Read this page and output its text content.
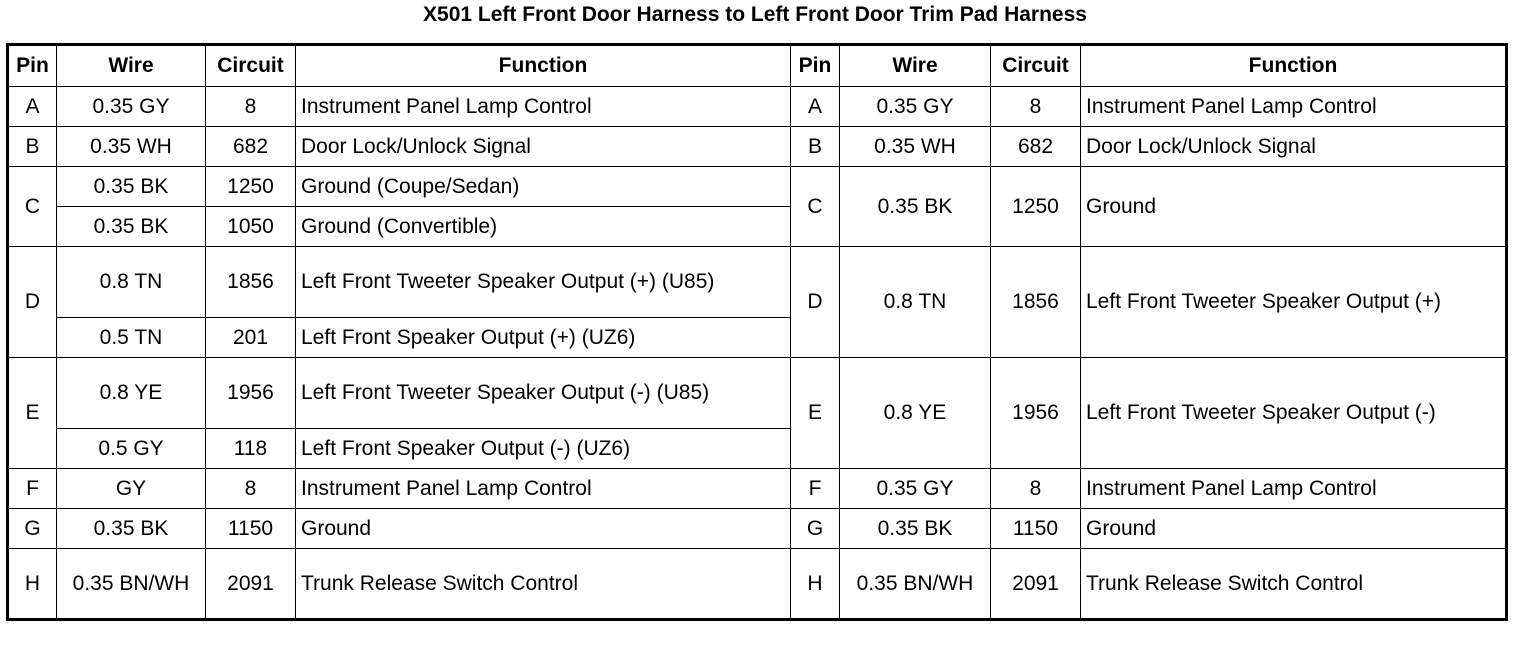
X501 Left Front Door Harness to Left Front Door Trim Pad Harness
Pin	Wire	Circuit	Function	Pin	Wire	Circuit	Function
A	0.35 GY	8	Instrument Panel Lamp Control	A	0.35 GY	8	Instrument Panel Lamp Control
B	0.35 WH	682	Door Lock/Unlock Signal	B	0.35 WH	682	Door Lock/Unlock Signal
C	0.35 BK	1250	Ground (Coupe/Sedan)	C	0.35 BK	1250	Ground
	0.35 BK	1050	Ground (Convertible)				
D	0.8 TN	1856	Left Front Tweeter Speaker Output (+) (U85)	D	0.8 TN	1856	Left Front Tweeter Speaker Output (+)
	0.5 TN	201	Left Front Speaker Output (+) (UZ6)				
E	0.8 YE	1956	Left Front Tweeter Speaker Output (-) (U85)	E	0.8 YE	1956	Left Front Tweeter Speaker Output (-)
	0.5 GY	118	Left Front Speaker Output (-) (UZ6)				
F	GY	8	Instrument Panel Lamp Control	F	0.35 GY	8	Instrument Panel Lamp Control
G	0.35 BK	1150	Ground	G	0.35 BK	1150	Ground
H	0.35 BN/WH	2091	Trunk Release Switch Control	H	0.35 BN/WH	2091	Trunk Release Switch Control
